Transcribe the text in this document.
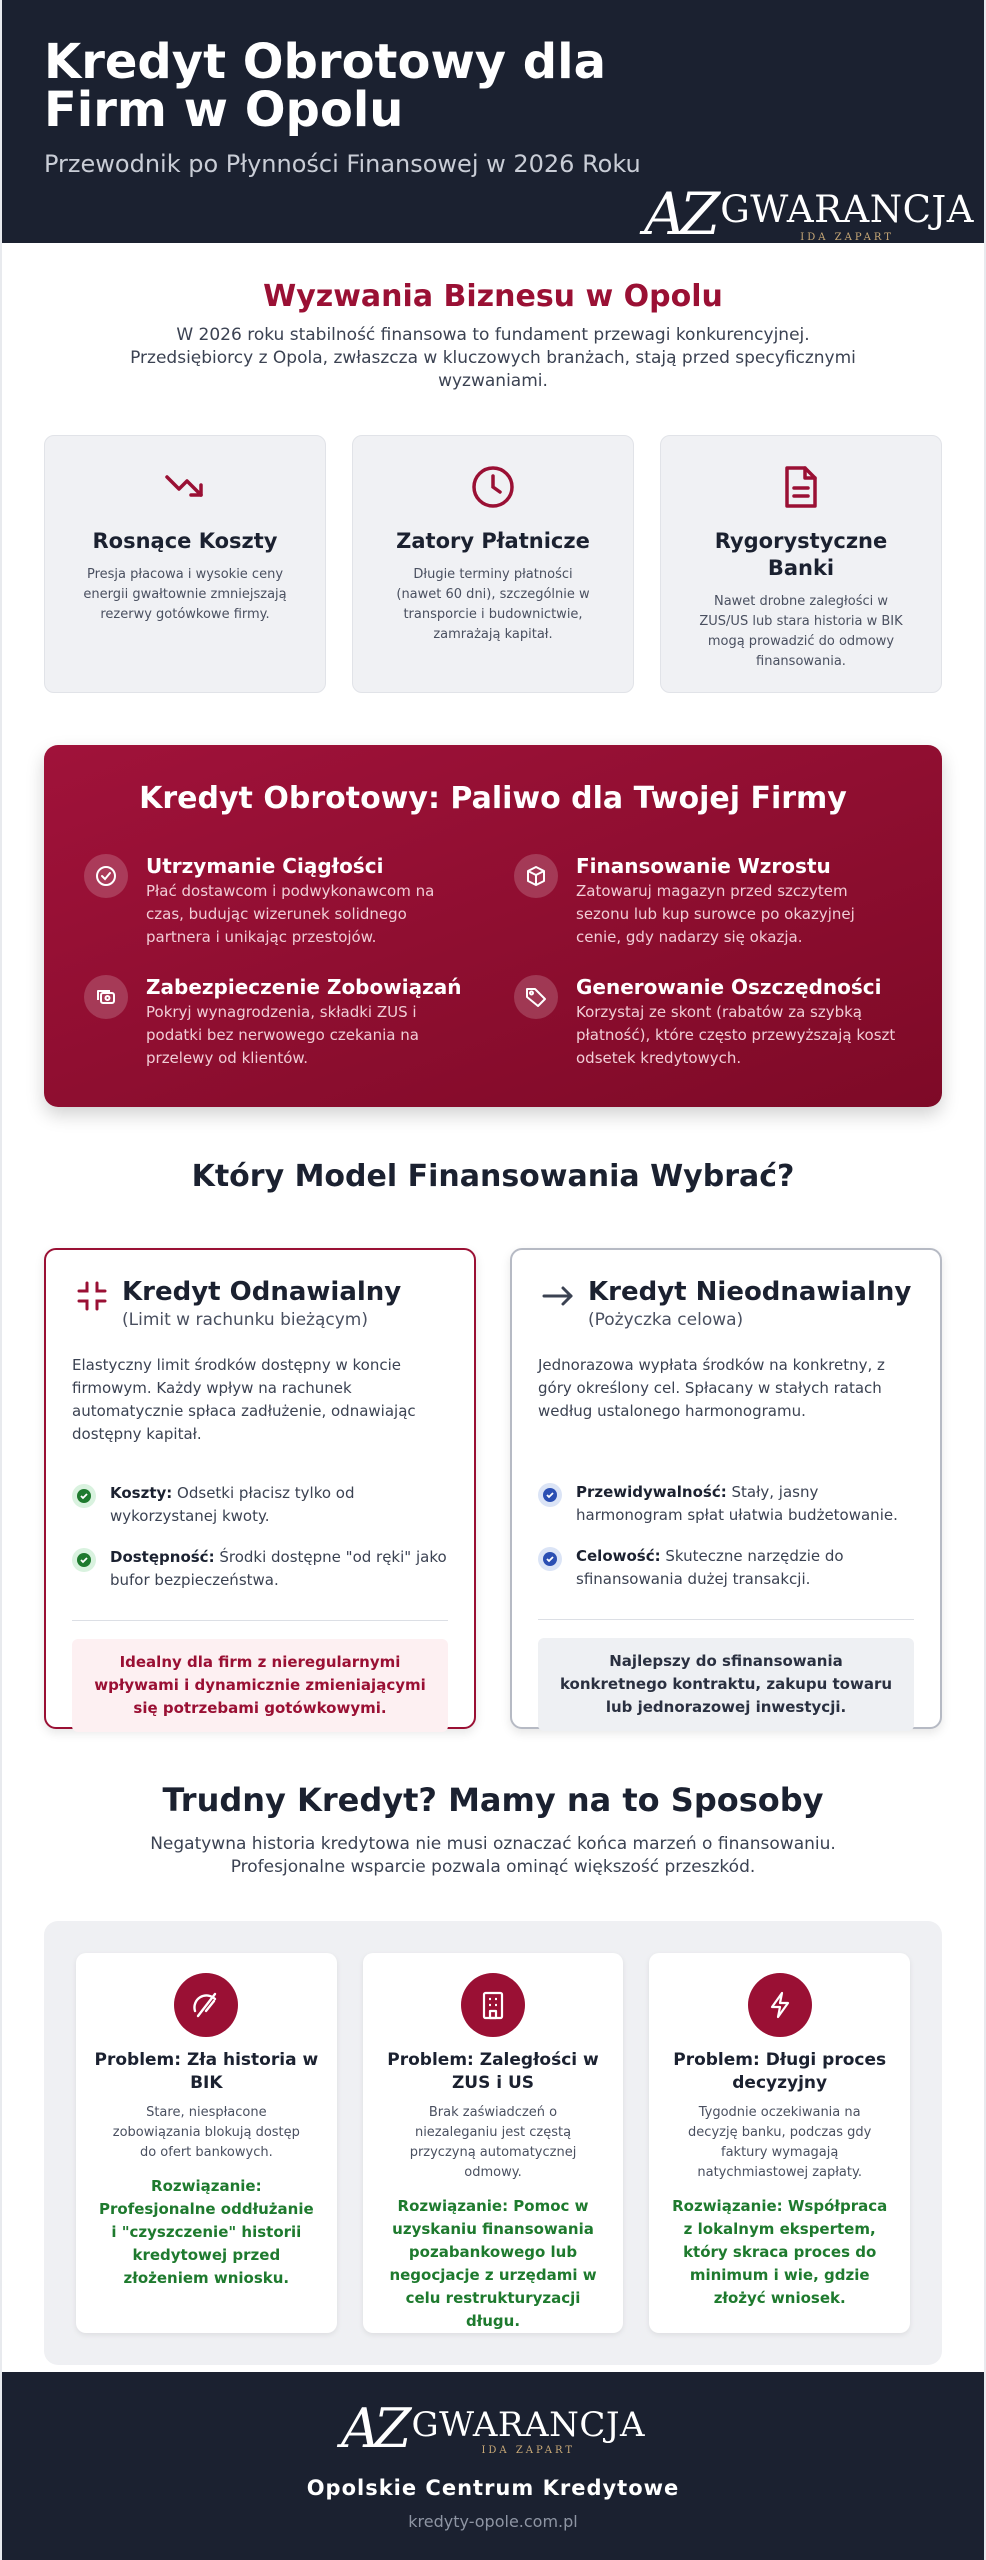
Kredyt Obrotowy dla Firm w Opolu
Przewodnik po Płynności Finansowej w 2026 Roku
AZ GWARANCJA
IDA ZAPART
Wyzwania Biznesu w Opolu

W 2026 roku stabilność finansowa to fundament przewagi konkurencyjnej. Przedsiębiorcy z Opola, zwłaszcza w kluczowych branżach, stają przed specyficznymi wyzwaniami.

Rosnące Koszty

Presja płacowa i wysokie ceny energii gwałtownie zmniejszają rezerwy gotówkowe firmy.

Zatory Płatnicze

Długie terminy płatności (nawet 60 dni), szczególnie w transporcie i budownictwie, zamrażają kapitał.

Rygorystyczne Banki

Nawet drobne zaległości w ZUS/US lub stara historia w BIK mogą prowadzić do odmowy finansowania.

Kredyt Obrotowy: Paliwo dla Twojej Firmy
Utrzymanie Ciągłości

Płać dostawcom i podwykonawcom na czas, budując wizerunek solidnego partnera i unikając przestojów.

Finansowanie Wzrostu

Zatowaruj magazyn przed szczytem sezonu lub kup surowce po okazyjnej cenie, gdy nadarzy się okazja.

Zabezpieczenie Zobowiązań

Pokryj wynagrodzenia, składki ZUS i podatki bez nerwowego czekania na przelewy od klientów.

Generowanie Oszczędności

Korzystaj ze skont (rabatów za szybką płatność), które często przewyższają koszt odsetek kredytowych.

Który Model Finansowania Wybrać?
Kredyt Odnawialny
(Limit w rachunku bieżącym)

Elastyczny limit środków dostępny w koncie firmowym. Każdy wpływ na rachunek automatycznie spłaca zadłużenie, odnawiając dostępny kapitał.

Koszty: Odsetki płacisz tylko od wykorzystanej kwoty.
Dostępność: Środki dostępne "od ręki" jako bufor bezpieczeństwa.
Idealny dla firm z nieregularnymi wpływami i dynamicznie zmieniającymi się potrzebami gotówkowymi.
Kredyt Nieodnawialny
(Pożyczka celowa)

Jednorazowa wypłata środków na konkretny, z góry określony cel. Spłacany w stałych ratach według ustalonego harmonogramu.

Przewidywalność: Stały, jasny harmonogram spłat ułatwia budżetowanie.
Celowość: Skuteczne narzędzie do sfinansowania dużej transakcji.
Najlepszy do sfinansowania konkretnego kontraktu, zakupu towaru lub jednorazowej inwestycji.
Trudny Kredyt? Mamy na to Sposoby

Negatywna historia kredytowa nie musi oznaczać końca marzeń o finansowaniu. Profesjonalne wsparcie pozwala ominąć większość przeszkód.

Problem: Zła historia w BIK

Stare, niespłacone zobowiązania blokują dostęp do ofert bankowych.

Rozwiązanie: Profesjonalne oddłużanie i "czyszczenie" historii kredytowej przed złożeniem wniosku.

Problem: Zaległości w ZUS i US

Brak zaświadczeń o niezaleganiu jest częstą przyczyną automatycznej odmowy.

Rozwiązanie: Pomoc w uzyskaniu finansowania pozabankowego lub negocjacje z urzędami w celu restrukturyzacji długu.

Problem: Długi proces decyzyjny

Tygodnie oczekiwania na decyzję banku, podczas gdy faktury wymagają natychmiastowej zapłaty.

Rozwiązanie: Współpraca z lokalnym ekspertem, który skraca proces do minimum i wie, gdzie złożyć wniosek.

AZ GWARANCJA
IDA ZAPART
Opolskie Centrum Kredytowe
kredyty-opole.com.pl
